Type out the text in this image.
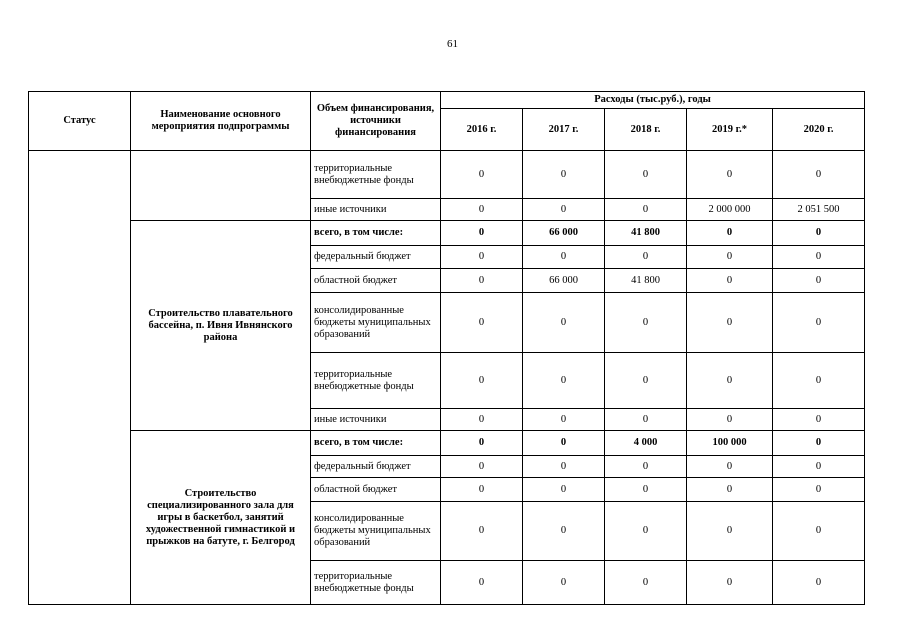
61
Статус	Наименование основного мероприятия подпрограммы	Объем финансирования, источники финансирования	Расходы (тыс.руб.), годы				
			2016 г.	2017 г.	2018 г.	2019 г.*	2020 г.
		территориальные внебюджетные фонды	0	0	0	0	0
		иные источники	0	0	0	2 000 000	2 051 500
	Строительство плавательного бассейна, п. Ивня Ивнянского района	всего, в том числе:	0	66 000	41 800	0	0
		федеральный бюджет	0	0	0	0	0
		областной бюджет	0	66 000	41 800	0	0
		консолидированные бюджеты муниципальных образований	0	0	0	0	0
		территориальные внебюджетные фонды	0	0	0	0	0
		иные источники	0	0	0	0	0
	Строительство специализированного зала для игры в баскетбол, занятий художественной гимнастикой и прыжков на батуте, г. Белгород	всего, в том числе:	0	0	4 000	100 000	0
		федеральный бюджет	0	0	0	0	0
		областной бюджет	0	0	0	0	0
		консолидированные бюджеты муниципальных образований	0	0	0	0	0
		территориальные внебюджетные фонды	0	0	0	0	0
